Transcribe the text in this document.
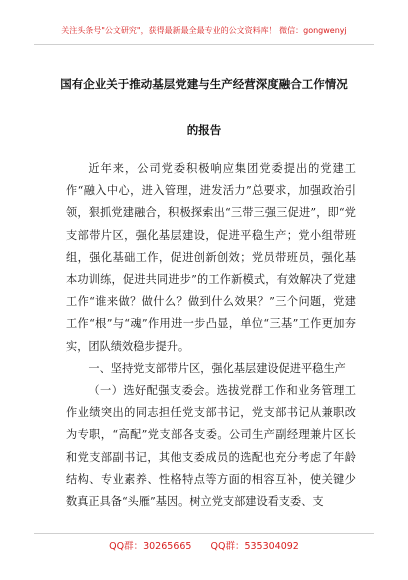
关注头条号"公文研究"，获得最新最全最专业的公文资料库！ 微信：gongwenyj
国有企业关于推动基层党建与生产经营深度融合工作情况
的报告

近年来，公司党委积极响应集团党委提出的党建工作“融入中心，进入管理，进发活力”总要求，加强政治引领，狠抓党建融合，积极探索出“三带三强三促进”，即“党支部带片区，强化基层建设，促进平稳生产；党小组带班组，强化基础工作，促进创新创效；党员带班员，强化基本功训练，促进共同进步”的工作新模式，有效解决了党建工作“谁来做？做什么？做到什么效果？”三个问题，党建工作“根”与“魂”作用进一步凸显，单位“三基”工作更加夯实，团队绩效稳步提升。

一、坚持党支部带片区，强化基层建设促进平稳生产

（一）选好配强支委会。选拔党群工作和业务管理工作业绩突出的同志担任党支部书记，党支部书记从兼职改为专职，“高配”党支部各支委。公司生产副经理兼片区长和党支部副书记，其他支委成员的选配也充分考虑了年龄结构、专业素养、性格特点等方面的相容互补，使关键少数真正具备“头雁”基因。树立党支部建设看支委、支

QQ群：30265665 QQ群：535304092
